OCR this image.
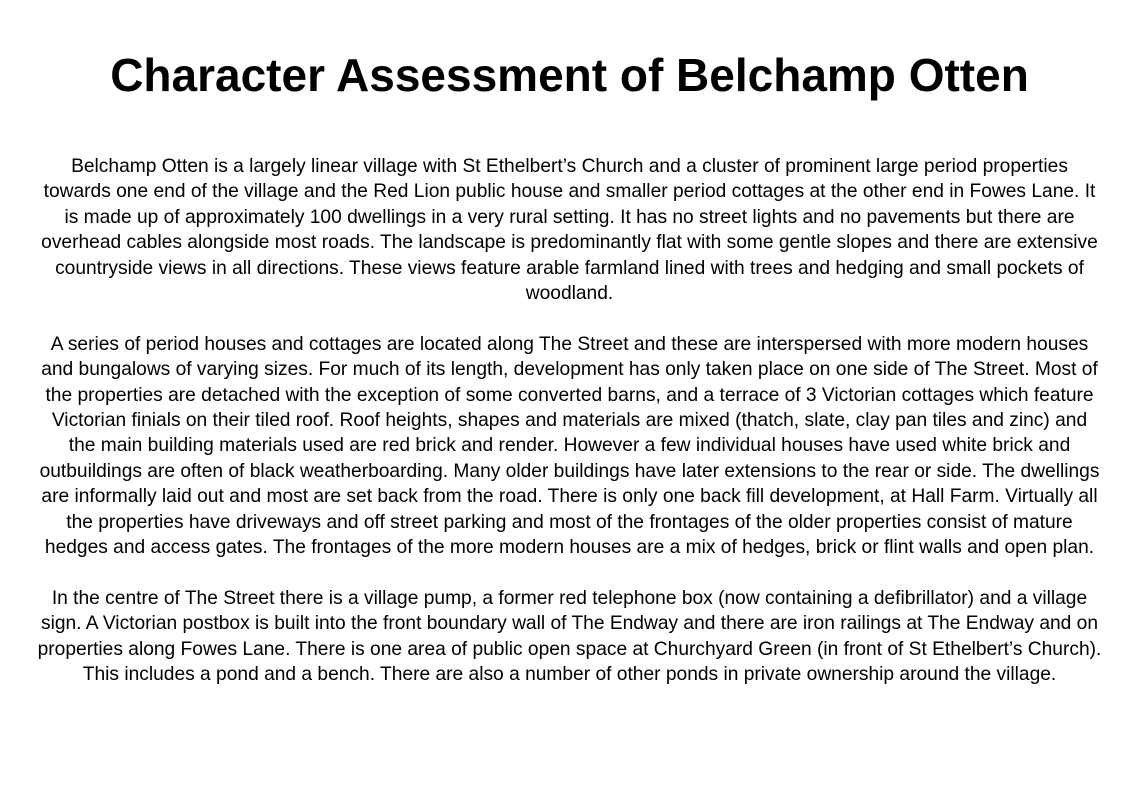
Character Assessment of Belchamp Otten

Belchamp Otten is a largely linear village with St Ethelbert’s Church and a cluster of prominent large period properties towards one end of the village and the Red Lion public house and smaller period cottages at the other end in Fowes Lane. It is made up of approximately 100 dwellings in a very rural setting. It has no street lights and no pavements but there are overhead cables alongside most roads. The landscape is predominantly flat with some gentle slopes and there are extensive countryside views in all directions. These views feature arable farmland lined with trees and hedging and small pockets of woodland.

A series of period houses and cottages are located along The Street and these are interspersed with more modern houses and bungalows of varying sizes. For much of its length, development has only taken place on one side of The Street. Most of the properties are detached with the exception of some converted barns, and a terrace of 3 Victorian cottages which feature Victorian finials on their tiled roof. Roof heights, shapes and materials are mixed (thatch, slate, clay pan tiles and zinc) and the main building materials used are red brick and render. However a few individual houses have used white brick and outbuildings are often of black weatherboarding. Many older buildings have later extensions to the rear or side. The dwellings are informally laid out and most are set back from the road. There is only one back fill development, at Hall Farm. Virtually all the properties have driveways and off street parking and most of the frontages of the older properties consist of mature hedges and access gates. The frontages of the more modern houses are a mix of hedges, brick or flint walls and open plan.

In the centre of The Street there is a village pump, a former red telephone box (now containing a defibrillator) and a village sign. A Victorian postbox is built into the front boundary wall of The Endway and there are iron railings at The Endway and on properties along Fowes Lane. There is one area of public open space at Churchyard Green (in front of St Ethelbert’s Church). This includes a pond and a bench. There are also a number of other ponds in private ownership around the village.
